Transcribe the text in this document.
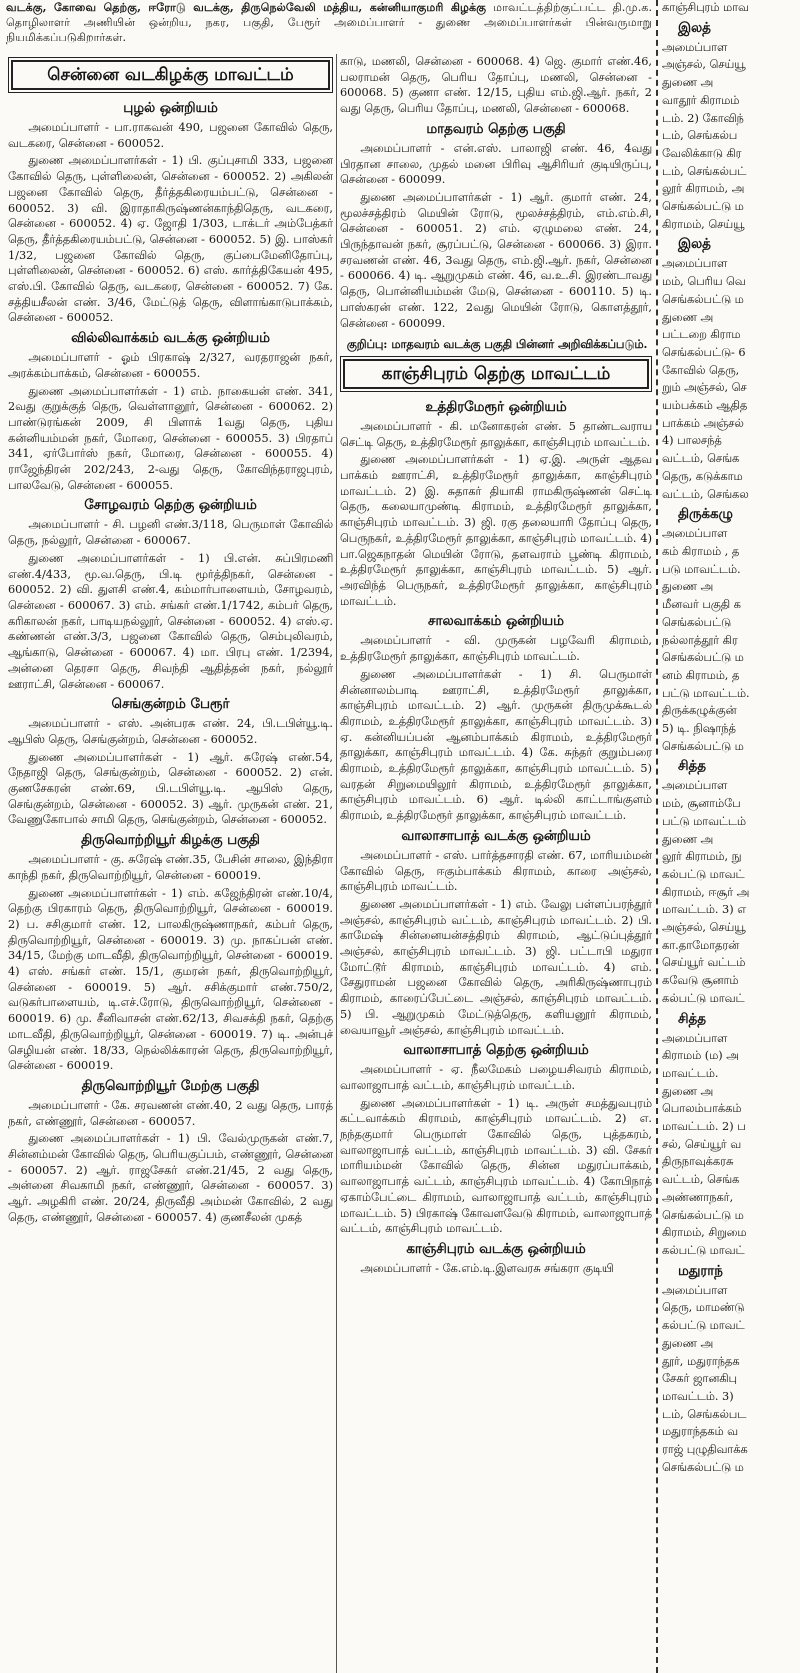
வடக்கு, கோவை தெற்கு, ஈரோடு வடக்கு, திருநெல்வேலி மத்திய, கன்னியாகுமரி கிழக்கு மாவட்டத்திற்குட்பட்ட தி.மு.க. தொழிலாளர் அணியின் ஒன்றிய, நகர, பகுதி, பேரூர் அமைப்பாளர் - துணை அமைப்பாளர்கள் பின்வருமாறு நியமிக்கப்படுகிறார்கள்.
சென்னை வடகிழக்கு மாவட்டம்
புழல் ஒன்றியம்

அமைப்பாளர் - பா.ராகவன் 490, பஜனை கோவில் தெரு, வடகரை, சென்னை - 600052.

துணை அமைப்பாளர்கள் - 1) பி. குப்புசாமி 333, பஜனை கோவில் தெரு, புள்ளிலைன், சென்னை - 600052. 2) அகிலன் பஜனை கோவில் தெரு, தீர்த்தகிரையம்பட்டு, சென்னை - 600052. 3) வி. இராதாகிருஷ்ணன்காந்திதெரு, வடகரை, சென்னை - 600052. 4) ஏ. ஜோதி 1/303, டாக்டர் அம்பேத்கர் தெரு, தீர்த்தகிரையம்பட்டு, சென்னை - 600052. 5) இ. பாஸ்கர் 1/32, பஜனை கோவில் தெரு, குப்பைமேனிதோப்பு, புள்ளிலைன், சென்னை - 600052. 6) எஸ். கார்த்திகேயன் 495, எஸ்.பி. கோவில் தெரு, வடகரை, சென்னை - 600052. 7) கே. சத்தியசீலன் எண். 3/46, மேட்டுத் தெரு, விளாங்காடுபாக்கம், சென்னை - 600052.

வில்லிவாக்கம் வடக்கு ஒன்றியம்

அமைப்பாளர் - ஓம் பிரகாஷ் 2/327, வரதராஜன் நகர், அரக்கம்பாக்கம், சென்னை - 600055.

துணை அமைப்பாளர்கள் - 1) எம். நாகையன் எண். 341, 2வது குறுக்குத் தெரு, வெள்ளானூர், சென்னை - 600062. 2) பாண்டுரங்கன் 2009, சி பிளாக் 1வது தெரு, புதிய கன்னியம்மன் நகர், மோரை, சென்னை - 600055. 3) பிரதாப் 341, ஏர்போர்ஸ் நகர், மோரை, சென்னை - 600055. 4) ராஜேந்திரன் 202/243, 2-வது தெரு, கோவிந்தராஜபுரம், பாலவேடு, சென்னை - 600055.

சோழவரம் தெற்கு ஒன்றியம்

அமைப்பாளர் - சி. பழனி எண்.3/118, பெருமாள் கோவில் தெரு, நல்லூர், சென்னை - 600067.

துணை அமைப்பாளர்கள் - 1) பி.என். சுப்பிரமணி எண்.4/433, மூ.வ.தெரு, பி.டி மூர்த்திநகர், சென்னை - 600052. 2) வி. துளசி எண்.4, கம்மார்பாளையம், சோழவரம், சென்னை - 600067. 3) எம். சங்கர் எண்.1/1742, கம்பர் தெரு, கரிகாலன் நகர், பாடியநல்லூர், சென்னை - 600052. 4) எஸ்.ஏ. கண்ணன் எண்.3/3, பஜனை கோவில் தெரு, செம்புலிவரம், ஆங்காடு, சென்னை - 600067. 4) மா. பிரபு எண். 1/2394, அன்னை தெரசா தெரு, சிவந்தி ஆதித்தன் நகர், நல்லூர் ஊராட்சி, சென்னை - 600067.

செங்குன்றம் பேரூர்

அமைப்பாளர் - எஸ். அன்பரசு எண். 24, பி.டபிள்யூ.டி. ஆபிஸ் தெரு, செங்குன்றம், சென்னை - 600052.

துணை அமைப்பாளர்கள் - 1) ஆர். சுரேஷ் எண்.54, நேதாஜி தெரு, செங்குன்றம், சென்னை - 600052. 2) என். குணசேகரன் எண்.69, பி.டபிள்யூ.டி. ஆபிஸ் தெரு, செங்குன்றம், சென்னை - 600052. 3) ஆர். முருகன் எண். 21, வேணுகோபால் சாமி தெரு, செங்குன்றம், சென்னை - 600052.

திருவொற்றியூர் கிழக்கு பகுதி

அமைப்பாளர் - கு. சுரேஷ் எண்.35, பேசின் சாலை, இந்திரா காந்தி நகர், திருவொற்றியூர், சென்னை - 600019.

துணை அமைப்பாளர்கள் - 1) எம். கஜேந்திரன் எண்.10/4, தெற்கு பிரகாரம் தெரு, திருவொற்றியூர், சென்னை - 600019. 2) ப. சசிகுமார் எண். 12, பாலகிருஷ்ணாநகர், கம்பர் தெரு, திருவொற்றியூர், சென்னை - 600019. 3) மு. நாகப்பன் எண். 34/15, மேற்கு மாடவீதி, திருவொற்றியூர், சென்னை - 600019. 4) எஸ். சங்கர் எண். 15/1, குமரன் நகர், திருவொற்றியூர், சென்னை - 600019. 5) ஆர். சசிக்குமார் எண்.750/2, வடுகர்பாளையம், டி.எச்.ரோடு, திருவொற்றியூர், சென்னை - 600019. 6) மு. சீனிவாசன் எண்.62/13, சிவசக்தி நகர், தெற்கு மாடவீதி, திருவொற்றியூர், சென்னை - 600019. 7) டி. அன்புச் செழியன் எண். 18/33, நெல்லிக்காரன் தெரு, திருவொற்றியூர், சென்னை - 600019.

திருவொற்றியூர் மேற்கு பகுதி

அமைப்பாளர் - கே. சரவணன் எண்.40, 2 வது தெரு, பாரத் நகர், எண்ணூர், சென்னை - 600057.

துணை அமைப்பாளர்கள் - 1) பி. வேல்முருகன் எண்.7, சின்னம்மன் கோவில் தெரு, பெரியகுப்பம், எண்ணூர், சென்னை - 600057. 2) ஆர். ராஜசேகர் எண்.21/45, 2 வது தெரு, அன்னை சிவகாமி நகர், எண்ணூர், சென்னை - 600057. 3) ஆர். அழகிரி எண். 20/24, திருவீதி அம்மன் கோவில், 2 வது தெரு, எண்ணூர், சென்னை - 600057. 4) குணசீலன் முகத்

காடு, மணலி, சென்னை - 600068. 4) ஜெ. குமார் எண்.46, பலராமன் தெரு, பெரிய தோப்பு, மணலி, சென்னை - 600068. 5) குணா எண். 12/15, புதிய எம்.ஜி.ஆர். நகர், 2 வது தெரு, பெரிய தோப்பு, மணலி, சென்னை - 600068.

மாதவரம் தெற்கு பகுதி

அமைப்பாளர் - என்.எஸ். பாலாஜி எண். 46, 4வது பிரதான சாலை, முதல் மனை பிரிவு ஆசிரியர் குடியிருப்பு, சென்னை - 600099.

துணை அமைப்பாளர்கள் - 1) ஆர். குமார் எண். 24, மூலச்சத்திரம் மெயின் ரோடு, மூலச்சத்திரம், எம்.எம்.சி, சென்னை - 600051. 2) எம். ஏழுமலை எண். 24, பிருந்தாவன் நகர், சூரப்பட்டு, சென்னை - 600066. 3) இரா. சரவணன் எண். 46, 3வது தெரு, எம்.ஜி.ஆர். நகர், சென்னை - 600066. 4) டி. ஆறுமுகம் எண். 46, வ.உ.சி. இரண்டாவது தெரு, பொன்னியம்மன் மேடு, சென்னை - 600110. 5) டி. பாஸ்கரன் எண். 122, 2வது மெயின் ரோடு, கொளத்தூர், சென்னை - 600099.

குறிப்பு: மாதவரம் வடக்கு பகுதி பின்னர் அறிவிக்கப்படும்.

காஞ்சிபுரம் தெற்கு மாவட்டம்
உத்திரமேரூர் ஒன்றியம்

அமைப்பாளர் - கி. மனோகரன் எண். 5 தாண்டவராய செட்டி தெரு, உத்திரமேரூர் தாலுக்கா, காஞ்சிபுரம் மாவட்டம்.

துணை அமைப்பாளர்கள் - 1) ஏ.இ. அருள் ஆதவ பாக்கம் ஊராட்சி, உத்திரமேரூர் தாலுக்கா, காஞ்சிபுரம் மாவட்டம். 2) இ. சுதாகர் தியாகி ராமகிருஷ்ணன் செட்டி தெரு, கலையாமுண்டி கிராமம், உத்திரமேரூர் தாலுக்கா, காஞ்சிபுரம் மாவட்டம். 3) ஜி. ரகு தலையாரி தோப்பு தெரு, பெருநகர், உத்திரமேரூர் தாலுக்கா, காஞ்சிபுரம் மாவட்டம். 4) பா.ஜெகநாதன் மெயின் ரோடு, தளவராம் பூண்டி கிராமம், உத்திரமேரூர் தாலுக்கா, காஞ்சிபுரம் மாவட்டம். 5) ஆர். அரவிந்த் பெருநகர், உத்திரமேரூர் தாலுக்கா, காஞ்சிபுரம் மாவட்டம்.

சாலவாக்கம் ஒன்றியம்

அமைப்பாளர் - வி. முருகன் பழவேரி கிராமம், உத்திரமேரூர் தாலுக்கா, காஞ்சிபுரம் மாவட்டம்.

துணை அமைப்பாளர்கள் - 1) சி. பெருமாள் சின்னாலம்பாடி ஊராட்சி, உத்திரமேரூர் தாலுக்கா, காஞ்சிபுரம் மாவட்டம். 2) ஆர். முருகன் திருமுக்கூடல் கிராமம், உத்திரமேரூர் தாலுக்கா, காஞ்சிபுரம் மாவட்டம். 3) ஏ. கன்னியப்பன் ஆனம்பாக்கம் கிராமம், உத்திரமேரூர் தாலுக்கா, காஞ்சிபுரம் மாவட்டம். 4) கே. சுந்தர் குறும்பரை கிராமம், உத்திரமேரூர் தாலுக்கா, காஞ்சிபுரம் மாவட்டம். 5) வரதன் சிறுமையிலூர் கிராமம், உத்திரமேரூர் தாலுக்கா, காஞ்சிபுரம் மாவட்டம். 6) ஆர். டில்லி காட்டாங்குளம் கிராமம், உத்திரமேரூர் தாலுக்கா, காஞ்சிபுரம் மாவட்டம்.

வாலாசாபாத் வடக்கு ஒன்றியம்

அமைப்பாளர் - எஸ். பார்த்தசாரதி எண். 67, மாரியம்மன் கோவில் தெரு, ஈகும்பாக்கம் கிராமம், காரை அஞ்சல், காஞ்சிபுரம் மாவட்டம்.

துணை அமைப்பாளர்கள் - 1) எம். வேலு பள்ளப்பரந்தூர் அஞ்சல், காஞ்சிபுரம் வட்டம், காஞ்சிபுரம் மாவட்டம். 2) பி. காமேஷ் சின்னையன்சத்திரம் கிராமம், ஆட்டுப்புத்தூர் அஞ்சல், காஞ்சிபுரம் மாவட்டம். 3) ஜி. பட்டாபி மதுரா மோட்டூர் கிராமம், காஞ்சிபுரம் மாவட்டம். 4) எம். சேதுராமன் பஜனை கோவில் தெரு, அரிகிருஷ்ணாபுரம் கிராமம், காரைப்பேட்டை அஞ்சல், காஞ்சிபுரம் மாவட்டம். 5) பி. ஆறுமுகம் மேட்டுத்தெரு, களியனூர் கிராமம், வையாவூர் அஞ்சல், காஞ்சிபுரம் மாவட்டம்.

வாலாசாபாத் தெற்கு ஒன்றியம்

அமைப்பாளர் - ஏ. நீலமேகம் பழையசிவரம் கிராமம், வாலாஜாபாத் வட்டம், காஞ்சிபுரம் மாவட்டம்.

துணை அமைப்பாளர்கள் - 1) டி. அருள் சமத்துவபுரம் கட்டவாக்கம் கிராமம், காஞ்சிபுரம் மாவட்டம். 2) எ. நந்தகுமார் பெருமாள் கோவில் தெரு, புத்தகரம், வாலாஜாபாத் வட்டம், காஞ்சிபுரம் மாவட்டம். 3) வி. சேகர் மாரியம்மன் கோவில் தெரு, சின்ன மதுரப்பாக்கம், வாலாஜாபாத் வட்டம், காஞ்சிபுரம் மாவட்டம். 4) கோபிநாத் ஏகாம்பேட்டை கிராமம், வாலாஜாபாத் வட்டம், காஞ்சிபுரம் மாவட்டம். 5) பிரகாஷ் கோவளவேடு கிராமம், வாலாஜாபாத் வட்டம், காஞ்சிபுரம் மாவட்டம்.

காஞ்சிபுரம் வடக்கு ஒன்றியம்

அமைப்பாளர் - கே.எம்.டி.இளவரசு சங்கரா குடியி

காஞ்சிபுரம் மாவ

இலத்

அமைப்பாள

அஞ்சல், செய்யூ

துணை அ

வாதூர் கிராமம்

டம். 2) கோவிந்

டம், செங்கல்ப

வேலிக்காடு கிர

டம், செங்கல்பட்

லூர் கிராமம், அ

செங்கல்பட்டு ம

கிராமம், செய்யூ

இலத்

அமைப்பாள

மம், பெரிய வெ

செங்கல்பட்டு ம

துணை அ

பட்டறை கிராம

செங்கல்பட்டு- 6

கோவில் தெரு,

றும் அஞ்சல், செ

யம்பக்கம் ஆதித

பாக்கம் அஞ்சல்

4) பாலசந்த்

வட்டம், செங்க

தெரு, கடுக்காம

வட்டம், செங்கல

திருக்கழு

அமைப்பாள

கம் கிராமம் , த

படு மாவட்டம்.

துணை அ

மீனவர் பகுதி க

செங்கல்பட்டு

நல்லாத்தூர் கிர

செங்கல்பட்டு ம

னம் கிராமம், த

பட்டு மாவட்டம்.

திருக்கழுக்குன்

5) டி. நிஷாந்த்

செங்கல்பட்டு ம

சித்த

அமைப்பாள

மம், சூனாம்பே

பட்டு மாவட்டம்

துணை அ

லூர் கிராமம், நு

கல்பட்டு மாவட்

கிராமம், ஈசூர் அ

மாவட்டம். 3) எ

அஞ்சல், செய்யூ

கா.தாமோதரன்

செய்யூர் வட்டம்

கவேடு சூனாம்

கல்பட்டு மாவட்

சித்த

அமைப்பாள

கிராமம் (ம) அ

மாவட்டம்.

துணை அ

பொலம்பாக்கம்

மாவட்டம். 2) ப

சல், செய்யூர் வ

திருநாவுக்கரசு

வட்டம், செங்க

அண்ணாநகர்,

செங்கல்பட்டு ம

கிராமம், சிறுமை

கல்பட்டு மாவட்

மதுராந்

அமைப்பாள

தெரு, மாமண்டு

கல்பட்டு மாவட்

துணை அ

தூர், மதுராந்தக

சேகர் ஜானகிபு

மாவட்டம். 3)

டம், செங்கல்பட

மதுராந்தகம் வ

ராஜ் புழுதிவாக்க

செங்கல்பட்டு ம
